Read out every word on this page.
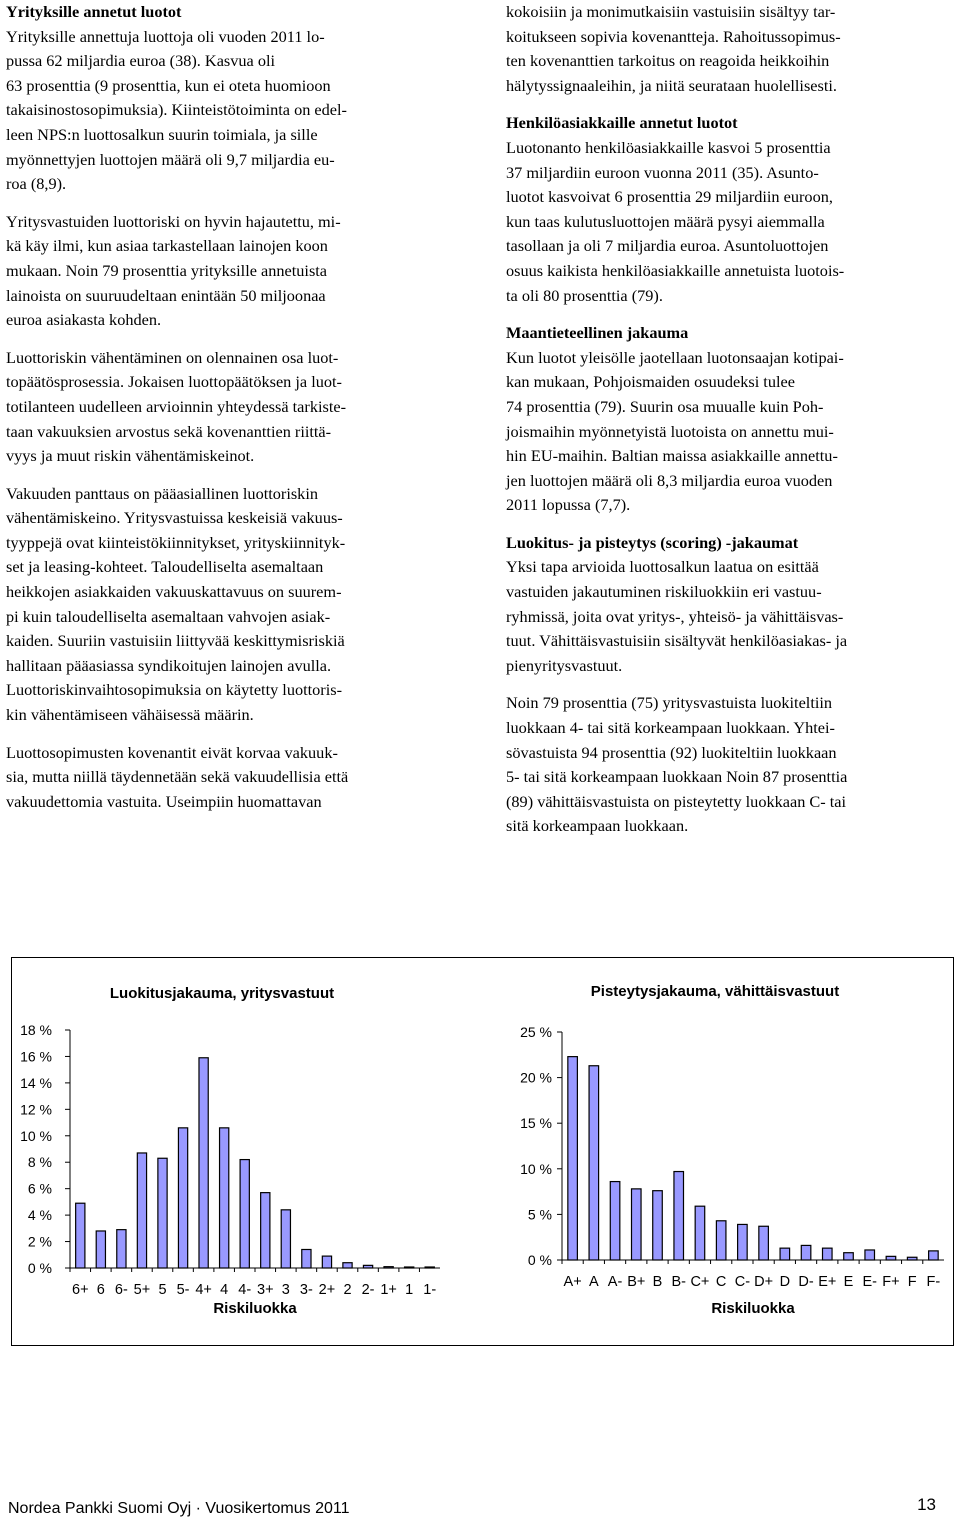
Yrityksille annetut luotot
Yrityksille annettuja luottoja oli vuoden 2011 lo-
pussa 62 miljardia euroa (38). Kasvua oli
63 prosenttia (9 prosenttia, kun ei oteta huomioon
takaisinostosopimuksia). Kiinteistötoiminta on edel-
leen NPS:n luottosalkun suurin toimiala, ja sille
myönnettyjen luottojen määrä oli 9,7 miljardia eu-
roa (8,9).
Yritysvastuiden luottoriski on hyvin hajautettu, mi-
kä käy ilmi, kun asiaa tarkastellaan lainojen koon
mukaan. Noin 79 prosenttia yrityksille annetuista
lainoista on suuruudeltaan enintään 50 miljoonaa
euroa asiakasta kohden.
Luottoriskin vähentäminen on olennainen osa luot-
topäätösprosessia. Jokaisen luottopäätöksen ja luot-
totilanteen uudelleen arvioinnin yhteydessä tarkiste-
taan vakuuksien arvostus sekä kovenanttien riittä-
vyys ja muut riskin vähentämiskeinot.
Vakuuden panttaus on pääasiallinen luottoriskin
vähentämiskeino. Yritysvastuissa keskeisiä vakuus-
tyyppejä ovat kiinteistökiinnitykset, yrityskiinnityk-
set ja leasing-kohteet. Taloudelliselta asemaltaan
heikkojen asiakkaiden vakuuskattavuus on suurem-
pi kuin taloudelliselta asemaltaan vahvojen asiak-
kaiden. Suuriin vastuisiin liittyvää keskittymisriskiä
hallitaan pääasiassa syndikoitujen lainojen avulla.
Luottoriskinvaihtosopimuksia on käytetty luottoris-
kin vähentämiseen vähäisessä määrin.
Luottosopimusten kovenantit eivät korvaa vakuuk-
sia, mutta niillä täydennetään sekä vakuudellisia että
vakuudettomia vastuita. Useimpiin huomattavan
kokoisiin ja monimutkaisiin vastuisiin sisältyy tar-
koitukseen sopivia kovenantteja. Rahoitussopimus-
ten kovenanttien tarkoitus on reagoida heikkoihin
hälytyssignaaleihin, ja niitä seurataan huolellisesti.
Henkilöasiakkaille annetut luotot
Luotonanto henkilöasiakkaille kasvoi 5 prosenttia
37 miljardiin euroon vuonna 2011 (35). Asunto-
luotot kasvoivat 6 prosenttia 29 miljardiin euroon,
kun taas kulutusluottojen määrä pysyi aiemmalla
tasollaan ja oli 7 miljardia euroa. Asuntoluottojen
osuus kaikista henkilöasiakkaille annetuista luotois-
ta oli 80 prosenttia (79).
Maantieteellinen jakauma
Kun luotot yleisölle jaotellaan luotonsaajan kotipai-
kan mukaan, Pohjoismaiden osuudeksi tulee
74 prosenttia (79). Suurin osa muualle kuin Poh-
joismaihin myönnetyistä luotoista on annettu mui-
hin EU-maihin. Baltian maissa asiakkaille annettu-
jen luottojen määrä oli 8,3 miljardia euroa vuoden
2011 lopussa (7,7).
Luokitus- ja pisteytys (scoring) -jakaumat
Yksi tapa arvioida luottosalkun laatua on esittää
vastuiden jakautuminen riskiluokkiin eri vastuu-
ryhmissä, joita ovat yritys-, yhteisö- ja vähittäisvas-
tuut. Vähittäisvastuisiin sisältyvät henkilöasiakas- ja
pienyritysvastuut.
Noin 79 prosenttia (75) yritysvastuista luokiteltiin
luokkaan 4- tai sitä korkeampaan luokkaan. Yhtei-
sövastuista 94 prosenttia (92) luokiteltiin luokkaan
5- tai sitä korkeampaan luokkaan Noin 87 prosenttia
(89) vähittäisvastuista on pisteytetty luokkaan C- tai
sitä korkeampaan luokkaan.
Luokitusjakauma, yritysvastuut
0 %
2 %
4 %
6 %
8 %
10 %
12 %
14 %
16 %
18 %
6+ 6 6- 5+ 5 5- 4+ 4 4- 3+ 3 3- 2+ 2 2- 1+ 1 1-
Riskiluokka
Pisteytysjakauma, vähittäisvastuut
0 %
5 %
10 %
15 %
20 %
25 %
A+ A A- B+ B B- C+ C C- D+ D D- E+ E E- F+ F F-
Riskiluokka
Nordea Pankki Suomi Oyj · Vuosikertomus 2011	13
